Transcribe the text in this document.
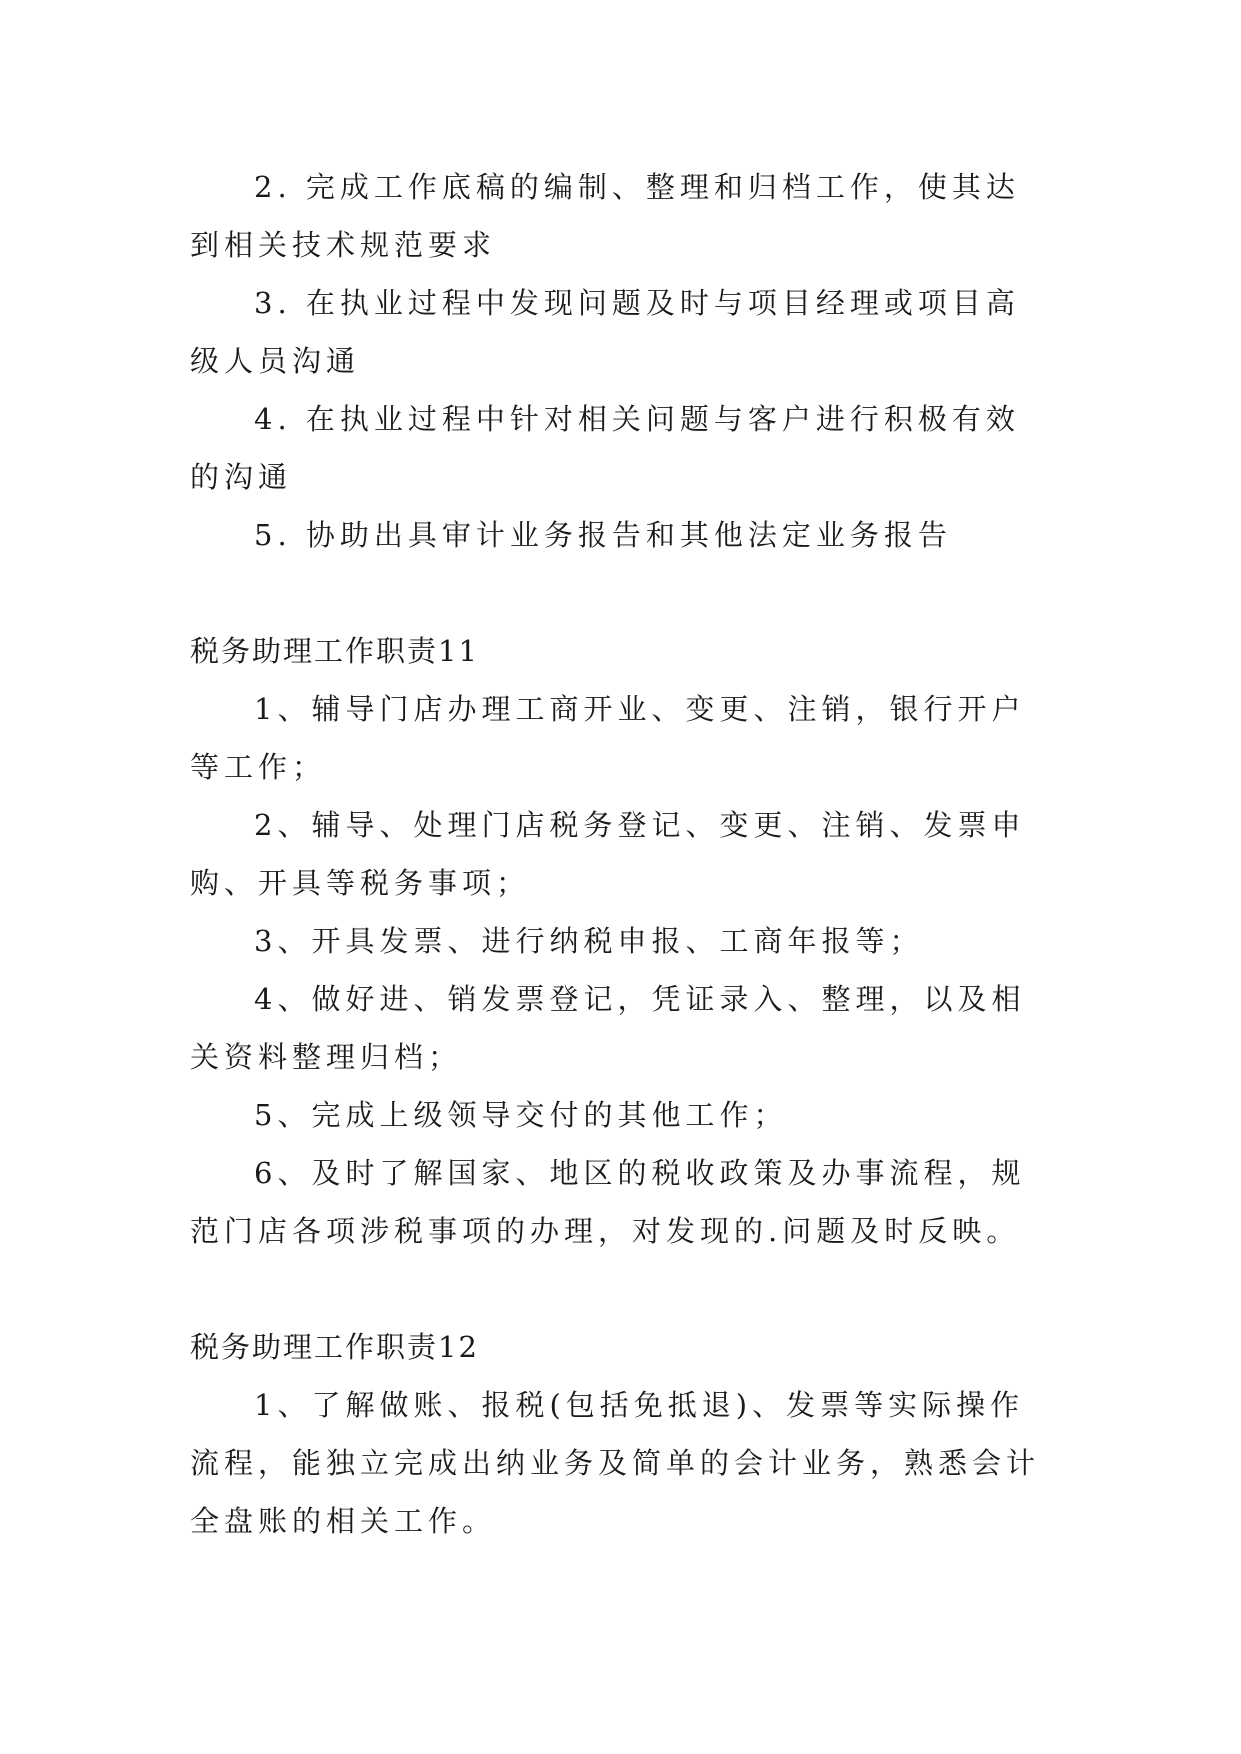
2. 完成工作底稿的编制、整理和归档工作，使其达到相关技术规范要求

3. 在执业过程中发现问题及时与项目经理或项目高级人员沟通

4. 在执业过程中针对相关问题与客户进行积极有效的沟通

5. 协助出具审计业务报告和其他法定业务报告

税务助理工作职责11

1、辅导门店办理工商开业、变更、注销，银行开户等工作；

2、辅导、处理门店税务登记、变更、注销、发票申购、开具等税务事项；

3、开具发票、进行纳税申报、工商年报等；

4、做好进、销发票登记，凭证录入、整理，以及相关资料整理归档；

5、完成上级领导交付的其他工作；

6、及时了解国家、地区的税收政策及办事流程，规范门店各项涉税事项的办理，对发现的.问题及时反映。

税务助理工作职责12

1、了解做账、报税(包括免抵退)、发票等实际操作流程，能独立完成出纳业务及简单的会计业务，熟悉会计全盘账的相关工作。
